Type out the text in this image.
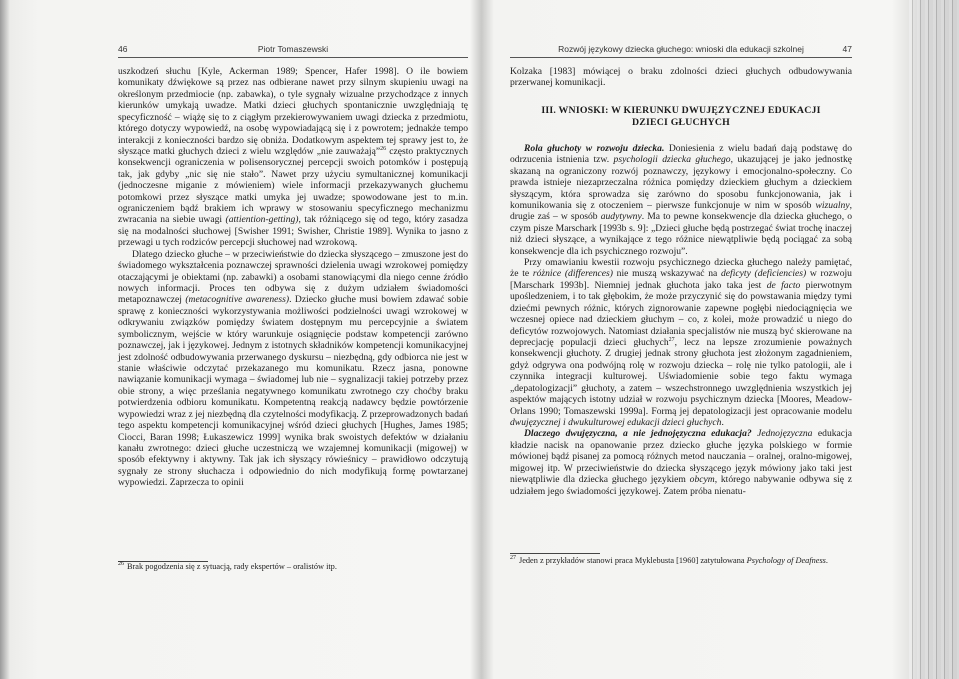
46	Piotr Tomaszewski

uszkodzeń słuchu [Kyle, Ackerman 1989; Spencer, Hafer 1998]. O ile bowiem komunikaty dźwiękowe są przez nas odbierane nawet przy silnym skupieniu uwagi na określonym przedmiocie (np. zabawka), o tyle sygnały wizualne przychodzące z innych kierunków umykają uwadze. Matki dzieci głuchych spontanicznie uwzględniają tę specyficzność – wiążę się to z ciągłym przekierowywaniem uwagi dziecka z przedmiotu, którego dotyczy wypowiedź, na osobę wypowiadającą się i z powrotem; jednakże tempo interakcji z konieczności bardzo się obniża. Dodatkowym aspektem tej sprawy jest to, że słyszące matki głuchych dzieci z wielu względów „nie zauważają”$^{26}$ często praktycznych konsekwencji ograniczenia w polisensorycznej percepcji swoich potomków i postępują tak, jak gdyby „nic się nie stało”. Nawet przy użyciu symultanicznej komunikacji (jednoczesne miganie z mówieniem) wiele informacji przekazywanych głuchemu potomkowi przez słyszące matki umyka jej uwadze; spowodowane jest to m.in. ograniczeniem bądź brakiem ich wprawy w stosowaniu specyficznego mechanizmu zwracania na siebie uwagi (attiention-getting), tak różniącego się od tego, który zasadza się na modalności słuchowej [Swisher 1991; Swisher, Christie 1989]. Wynika to jasno z przewagi u tych rodziców percepcji słuchowej nad wzrokową.

Dlatego dziecko głuche – w przeciwieństwie do dziecka słyszącego – zmuszone jest do świadomego wykształcenia poznawczej sprawności dzielenia uwagi wzrokowej pomiędzy otaczającymi je obiektami (np. zabawki) a osobami stanowiącymi dla niego cenne źródło nowych informacji. Proces ten odbywa się z dużym udziałem świadomości metapoznawczej (metacognitive awareness). Dziecko głuche musi bowiem zdawać sobie sprawę z konieczności wykorzystywania możliwości podzielności uwagi wzrokowej w odkrywaniu związków pomiędzy światem dostępnym mu percepcyjnie a światem symbolicznym, wejście w który warunkuje osiągnięcie podstaw kompetencji zarówno poznawczej, jak i językowej. Jednym z istotnych składników kompetencji komunikacyjnej jest zdolność odbudowywania przerwanego dyskursu – niezbędną, gdy odbiorca nie jest w stanie właściwie odczytać przekazanego mu komunikatu. Rzecz jasna, ponowne nawiązanie komunikacji wymaga – świadomej lub nie – sygnalizacji takiej potrzeby przez obie strony, a więc prześlania negatywnego komunikatu zwrotnego czy choćby braku potwierdzenia odbioru komunikatu. Kompetentną reakcją nadawcy będzie powtórzenie wypowiedzi wraz z jej niezbędną dla czytelności modyfikacją. Z przeprowadzonych badań tego aspektu kompetencji komunikacyjnej wśród dzieci głuchych [Hughes, James 1985; Ciocci, Baran 1998; Łukaszewicz 1999] wynika brak swoistych defektów w działaniu kanału zwrotnego: dzieci głuche uczestniczą we wzajemnej komunikacji (migowej) w sposób efektywny i aktywny. Tak jak ich słyszący rówieśnicy – prawidłowo odczytują sygnały ze strony słuchacza i odpowiednio do nich modyfikują formę powtarzanej wypowiedzi. Zaprzecza to opinii

$^{26}$ Brak pogodzenia się z sytuacją, rady ekspertów – oralistów itp.
Rozwój językowy dziecka głuchego: wnioski dla edukacji szkolnej	47

Kolzaka [1983] mówiącej o braku zdolności dzieci głuchych odbudowywania przerwanej komunikacji.

III. WNIOSKI: W KIERUNKU DWUJĘZYCZNEJ EDUKACJI
DZIECI GŁUCHYCH

Rola głuchoty w rozwoju dziecka. Doniesienia z wielu badań dają podstawę do odrzucenia istnienia tzw. psychologii dziecka głuchego, ukazującej je jako jednostkę skazaną na ograniczony rozwój poznawczy, językowy i emocjonalno-społeczny. Co prawda istnieje niezaprzeczalna różnica pomiędzy dzieckiem głuchym a dzieckiem słyszącym, która sprowadza się zarówno do sposobu funkcjonowania, jak i komunikowania się z otoczeniem – pierwsze funkcjonuje w nim w sposób wizualny, drugie zaś – w sposób audytywny. Ma to pewne konsekwencje dla dziecka głuchego, o czym pisze Marschark [1993b s. 9]: „Dzieci głuche będą postrzegać świat trochę inaczej niż dzieci słyszące, a wynikające z tego różnice niewątpliwie będą pociągać za sobą konsekwencje dla ich psychicznego rozwoju”.

Przy omawianiu kwestii rozwoju psychicznego dziecka głuchego należy pamiętać, że te różnice (differences) nie muszą wskazywać na deficyty (deficiencies) w rozwoju [Marschark 1993b]. Niemniej jednak głuchota jako taka jest de facto pierwotnym upośledzeniem, i to tak głębokim, że może przyczynić się do powstawania między tymi dziećmi pewnych różnic, których zignorowanie zapewne pogłębi niedociągnięcia we wczesnej opiece nad dzieckiem głuchym – co, z kolei, może prowadzić u niego do deficytów rozwojowych. Natomiast działania specjalistów nie muszą być skierowane na deprecjację populacji dzieci głuchych$^{27}$, lecz na lepsze zrozumienie poważnych konsekwencji głuchoty. Z drugiej jednak strony głuchota jest złożonym zagadnieniem, gdyż odgrywa ona podwójną rolę w rozwoju dziecka – rolę nie tylko patologii, ale i czynnika integracji kulturowej. Uświadomienie sobie tego faktu wymaga „depatologizacji” głuchoty, a zatem – wszechstronnego uwzględnienia wszystkich jej aspektów mających istotny udział w rozwoju psychicznym dziecka [Moores, Meadow-Orlans 1990; Tomaszewski 1999a]. Formą jej depatologizacji jest opracowanie modelu dwujęzycznej i dwukulturowej edukacji dzieci głuchych.

Dlaczego dwujęzyczna, a nie jednojęzyczna edukacja? Jednojęzyczna edukacja kładzie nacisk na opanowanie przez dziecko głuche języka polskiego w formie mówionej bądź pisanej za pomocą różnych metod nauczania – oralnej, oralno-migowej, migowej itp. W przeciwieństwie do dziecka słyszącego język mówiony jako taki jest niewątpliwie dla dziecka głuchego językiem obcym, którego nabywanie odbywa się z udziałem jego świadomości językowej. Zatem próba nienatu-

$^{27}$ Jeden z przykładów stanowi praca Myklebusta [1960] zatytułowana Psychology of Deafness.
